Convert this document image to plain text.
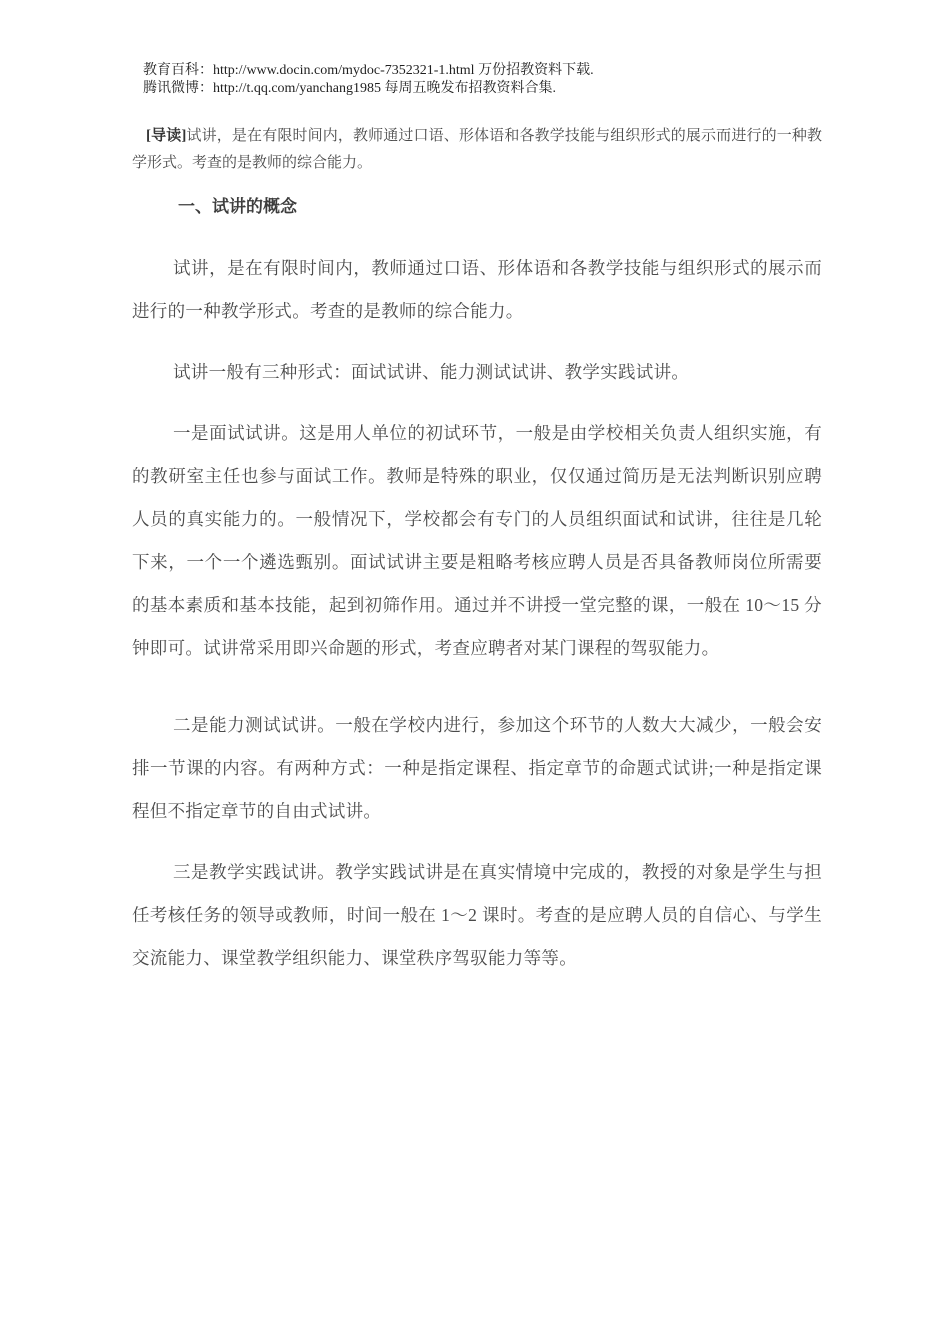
教育百科：http://www.docin.com/mydoc-7352321-1.html 万份招教资料下载.
腾讯微博：http://t.qq.com/yanchang1985 每周五晚发布招教资料合集.

[导读]试讲，是在有限时间内，教师通过口语、形体语和各教学技能与组织形式的展示而进行的一种教学形式。考查的是教师的综合能力。

一、试讲的概念

试讲，是在有限时间内，教师通过口语、形体语和各教学技能与组织形式的展示而进行的一种教学形式。考查的是教师的综合能力。

试讲一般有三种形式：面试试讲、能力测试试讲、教学实践试讲。

一是面试试讲。这是用人单位的初试环节，一般是由学校相关负责人组织实施，有的教研室主任也参与面试工作。教师是特殊的职业，仅仅通过简历是无法判断识别应聘人员的真实能力的。一般情况下，学校都会有专门的人员组织面试和试讲，往往是几轮下来，一个一个遴选甄别。面试试讲主要是粗略考核应聘人员是否具备教师岗位所需要的基本素质和基本技能，起到初筛作用。通过并不讲授一堂完整的课，一般在 10～15 分钟即可。试讲常采用即兴命题的形式，考查应聘者对某门课程的驾驭能力。

二是能力测试试讲。一般在学校内进行，参加这个环节的人数大大减少，一般会安排一节课的内容。有两种方式：一种是指定课程、指定章节的命题式试讲;一种是指定课程但不指定章节的自由式试讲。

三是教学实践试讲。教学实践试讲是在真实情境中完成的，教授的对象是学生与担任考核任务的领导或教师，时间一般在 1～2 课时。考查的是应聘人员的自信心、与学生交流能力、课堂教学组织能力、课堂秩序驾驭能力等等。
